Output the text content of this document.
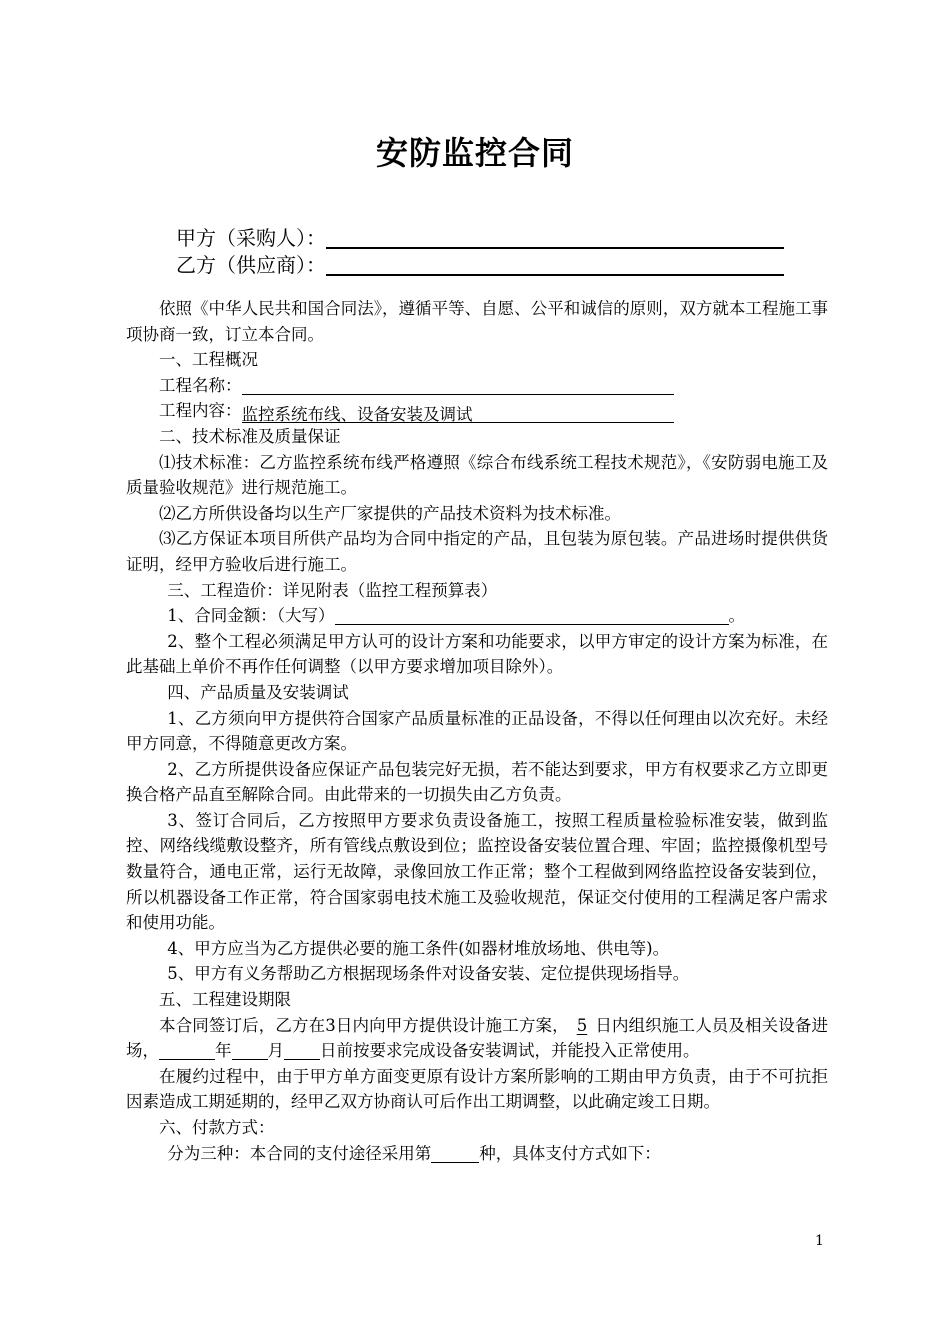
安防监控合同
甲方（采购人）：
乙方（供应商）：

依照《中华人民共和国合同法》，遵循平等、自愿、公平和诚信的原则，双方就本工程施工事项协商一致，订立本合同。

一、工程概况

工程名称：

工程内容：监控系统布线、设备安装及调试

二、技术标准及质量保证

⑴技术标准：乙方监控系统布线严格遵照《综合布线系统工程技术规范》，《安防弱电施工及质量验收规范》进行规范施工。

⑵乙方所供设备均以生产厂家提供的产品技术资料为技术标准。

⑶乙方保证本项目所供产品均为合同中指定的产品，且包装为原包装。产品进场时提供供货证明，经甲方验收后进行施工。

三、工程造价：详见附表（监控工程预算表）

1、合同金额：（大写）	。

2、整个工程必须满足甲方认可的设计方案和功能要求，以甲方审定的设计方案为标准，在此基础上单价不再作任何调整（以甲方要求增加项目除外）。

四、产品质量及安装调试

1、乙方须向甲方提供符合国家产品质量标准的正品设备，不得以任何理由以次充好。未经甲方同意，不得随意更改方案。

2、乙方所提供设备应保证产品包装完好无损，若不能达到要求，甲方有权要求乙方立即更换合格产品直至解除合同。由此带来的一切损失由乙方负责。

3、签订合同后，乙方按照甲方要求负责设备施工，按照工程质量检验标准安装，做到监控、网络线缆敷设整齐，所有管线点敷设到位；监控设备安装位置合理、牢固；监控摄像机型号数量符合，通电正常，运行无故障，录像回放工作正常；整个工程做到网络监控设备安装到位，所以机器设备工作正常，符合国家弱电技术施工及验收规范，保证交付使用的工程满足客户需求和使用功能。

4、甲方应当为乙方提供必要的施工条件(如器材堆放场地、供电等)。

5、甲方有义务帮助乙方根据现场条件对设备安装、定位提供现场指导。

五、工程建设期限

本合同签订后，乙方在3日内向甲方提供设计施工方案， 5 日内组织施工人员及相关设备进场，	年 月 日前按要求完成设备安装调试，并能投入正常使用。

在履约过程中，由于甲方单方面变更原有设计方案所影响的工期由甲方负责，由于不可抗拒因素造成工期延期的，经甲乙双方协商认可后作出工期调整，以此确定竣工日期。

六、付款方式：

分为三种：本合同的支付途径采用第	种，具体支付方式如下：

1
